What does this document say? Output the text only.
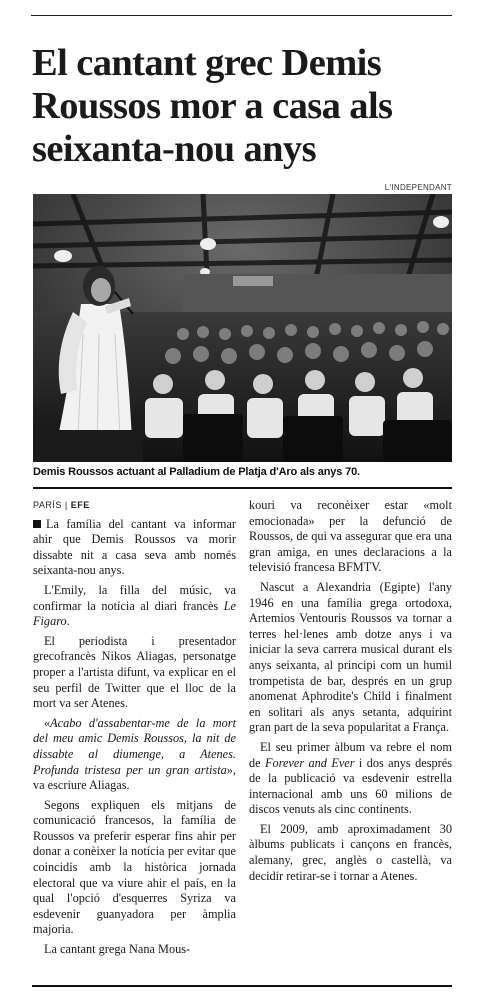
El cantant grec Demis Roussos mor a casa als seixanta-nou anys
L'INDEPENDANT
Demis Roussos actuant al Palladium de Platja d'Aro als anys 70.
PARÍS | EFE

La família del cantant va informar ahir que Demis Roussos va morir dissabte nit a casa seva amb només seixanta-nou anys.

L'Emily, la filla del músic, va confirmar la notícia al diari francès Le Figaro.

El periodista i presentador grecofrancès Nikos Aliagas, personatge proper a l'artista difunt, va explicar en el seu perfil de Twitter que el lloc de la mort va ser Atenes.

«Acabo d'assabentar-me de la mort del meu amic Demis Roussos, la nit de dissabte al diumenge, a Atenes. Profunda tristesa per un gran artista», va escriure Aliagas.

Segons expliquen els mitjans de comunicació francesos, la família de Roussos va preferir esperar fins ahir per donar a conèixer la notícia per evitar que coincidís amb la històrica jornada electoral que va viure ahir el país, en la qual l'opció d'esquerres Syriza va esdevenir guanyadora per àmplia majoria.

La cantant grega Nana Mous-

kouri va reconèixer estar «molt emocionada» per la defunció de Roussos, de qui va assegurar que era una gran amiga, en unes declaracions a la televisió francesa BFMTV.

Nascut a Alexandria (Egipte) l'any 1946 en una família grega ortodoxa, Artemios Ventouris Roussos va tornar a terres hel·lenes amb dotze anys i va iniciar la seva carrera musical durant els anys seixanta, al principi com un humil trompetista de bar, després en un grup anomenat Aphrodite's Child i finalment en solitari als anys setanta, adquirint gran part de la seva popularitat a França.

El seu primer àlbum va rebre el nom de Forever and Ever i dos anys després de la publicació va esdevenir estrella internacional amb uns 60 milions de discos venuts als cinc continents.

El 2009, amb aproximadament 30 àlbums publicats i cançons en francès, alemany, grec, anglès o castellà, va decidir retirar-se i tornar a Atenes.
